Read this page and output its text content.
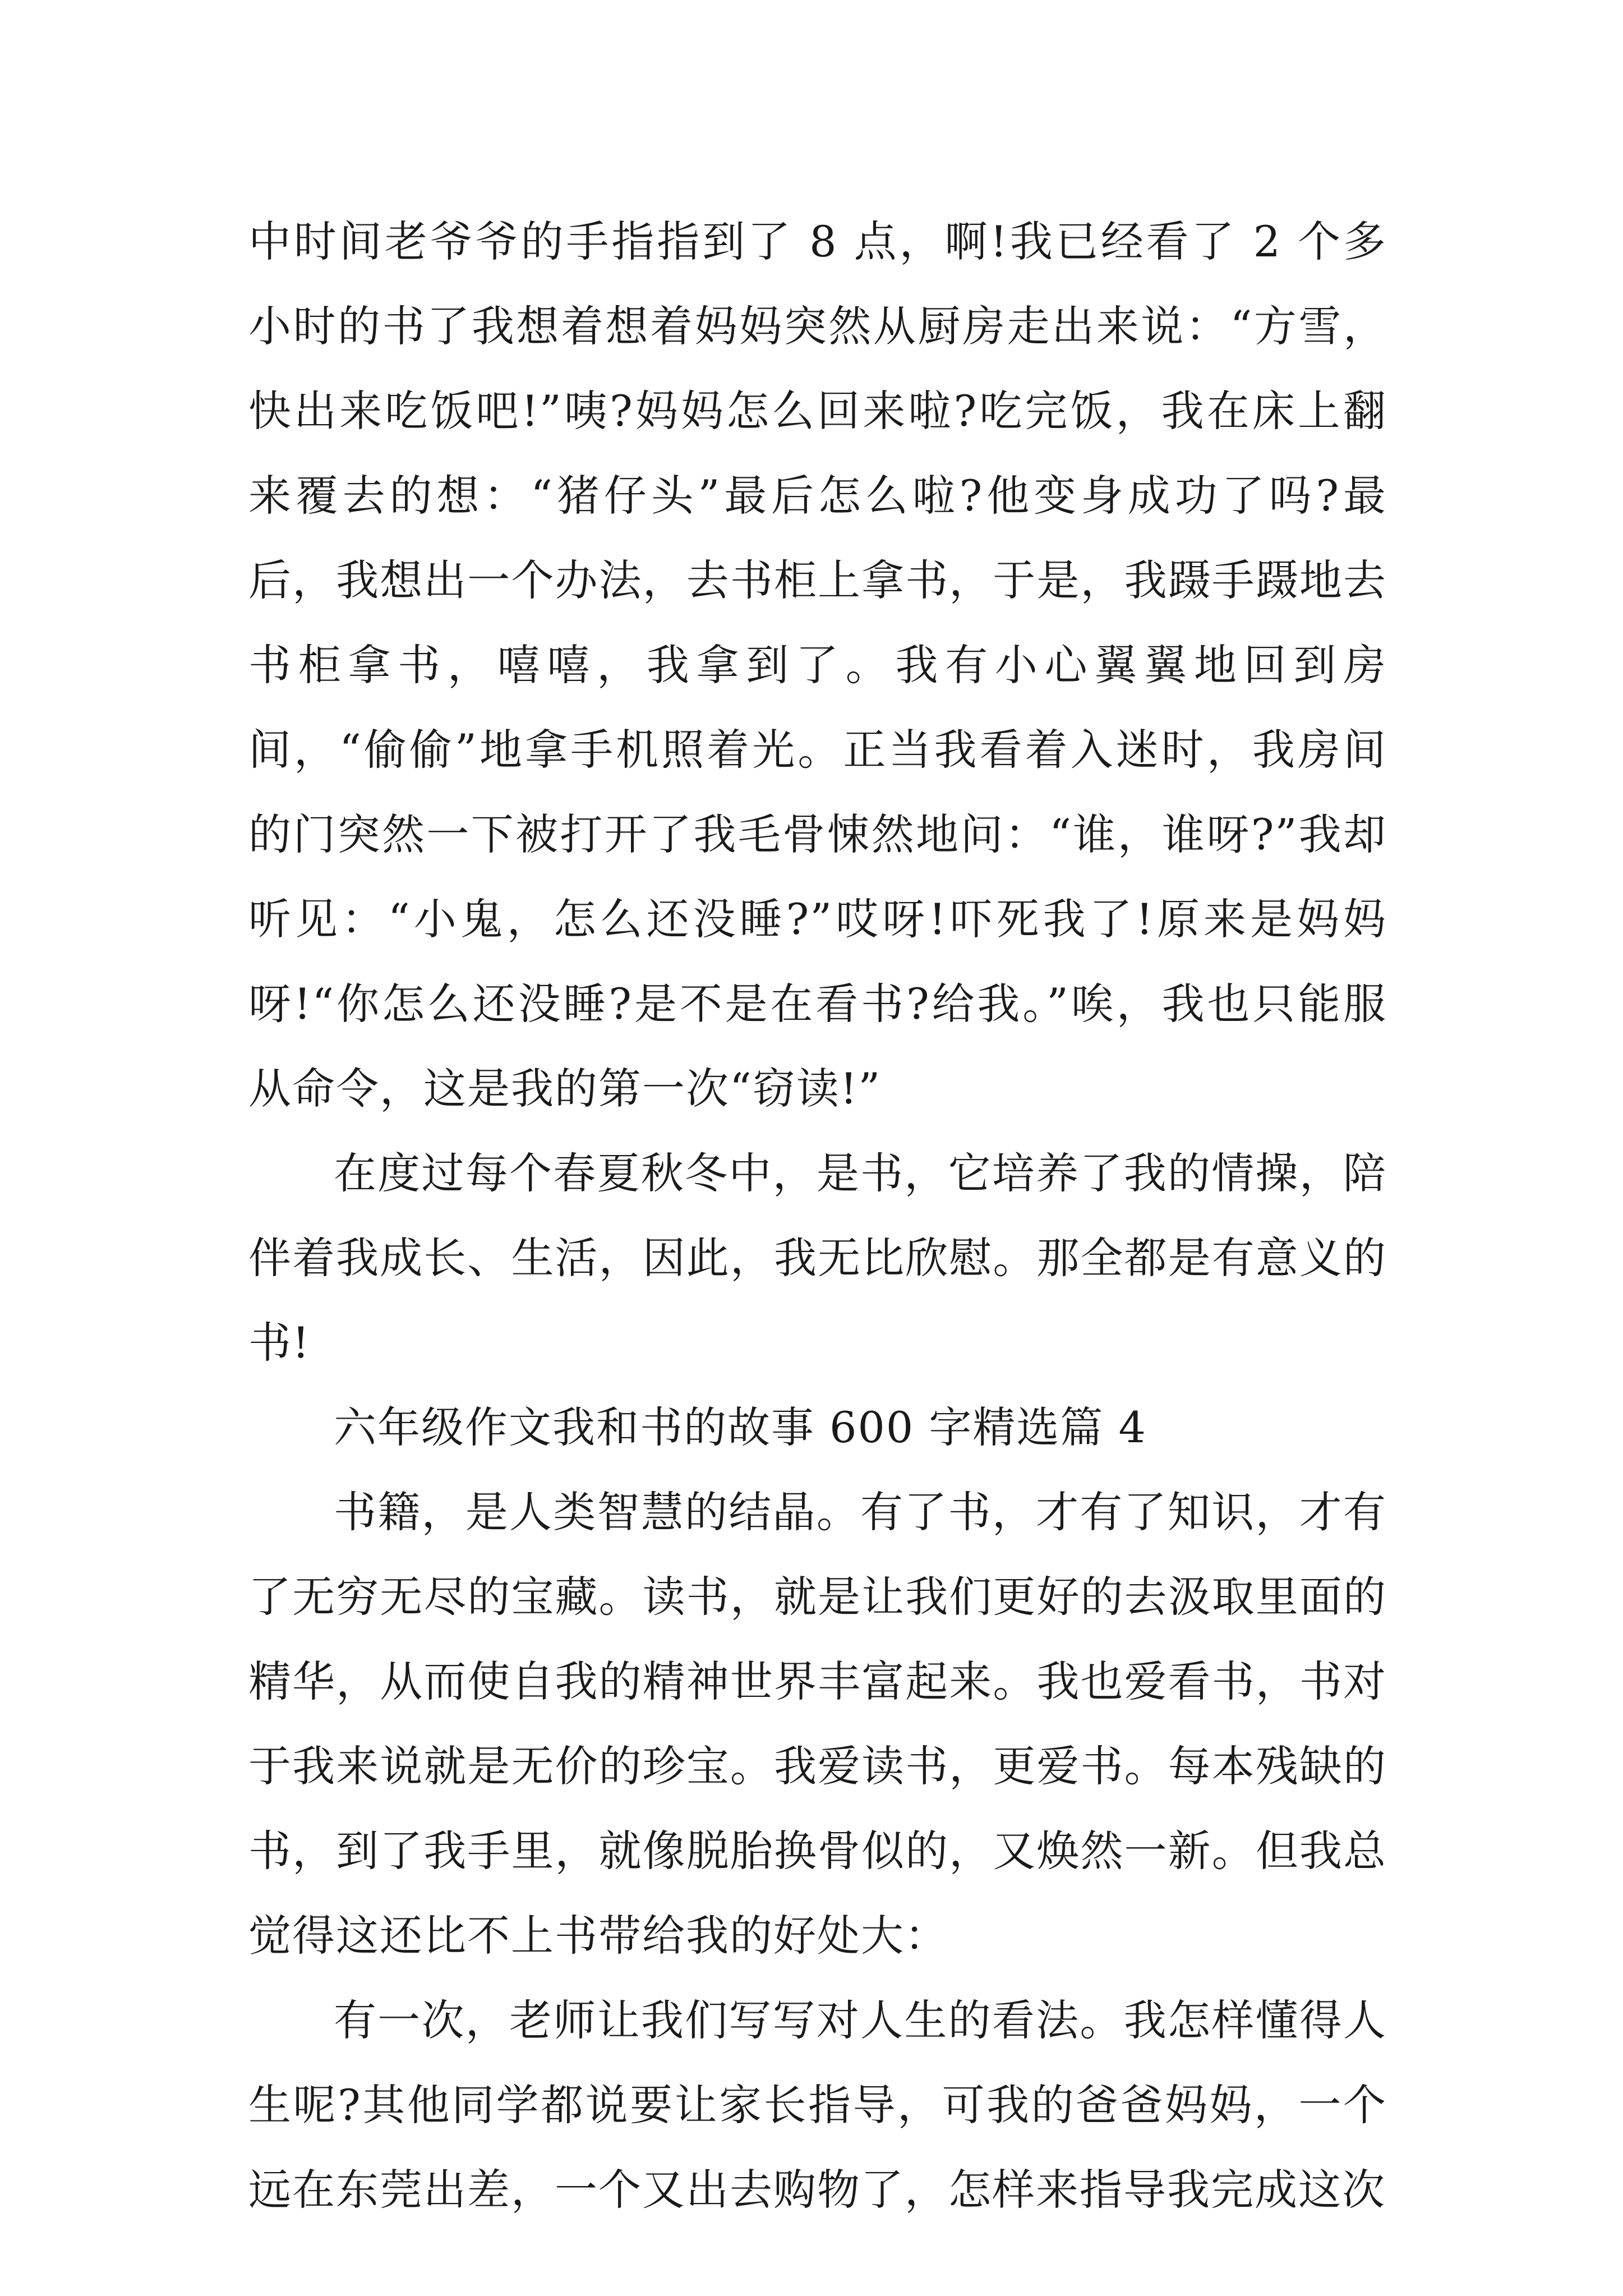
中时间老爷爷的手指指到了 8 点，啊!我已经看了 2 个多小时的书了我想着想着妈妈突然从厨房走出来说：“方雪，快出来吃饭吧!”咦?妈妈怎么回来啦?吃完饭，我在床上翻来覆去的想：“猪仔头”最后怎么啦?他变身成功了吗?最后，我想出一个办法，去书柜上拿书，于是，我蹑手蹑地去书柜拿书，嘻嘻，我拿到了。我有小心翼翼地回到房间，“偷偷”地拿手机照着光。正当我看着入迷时，我房间的门突然一下被打开了我毛骨悚然地问：“谁，谁呀?”我却听见：“小鬼，怎么还没睡?”哎呀!吓死我了!原来是妈妈呀!“你怎么还没睡?是不是在看书?给我。”唉，我也只能服从命令，这是我的第一次“窃读!”

在度过每个春夏秋冬中，是书，它培养了我的情操，陪伴着我成长、生活，因此，我无比欣慰。那全都是有意义的书!

六年级作文我和书的故事 600 字精选篇 4

书籍，是人类智慧的结晶。有了书，才有了知识，才有了无穷无尽的宝藏。读书，就是让我们更好的去汲取里面的精华，从而使自我的精神世界丰富起来。我也爱看书，书对于我来说就是无价的珍宝。我爱读书，更爱书。每本残缺的书，到了我手里，就像脱胎换骨似的，又焕然一新。但我总觉得这还比不上书带给我的好处大：

有一次，老师让我们写写对人生的看法。我怎样懂得人生呢?其他同学都说要让家长指导，可我的爸爸妈妈，一个远在东莞出差，一个又出去购物了，怎样来指导我完成这次
